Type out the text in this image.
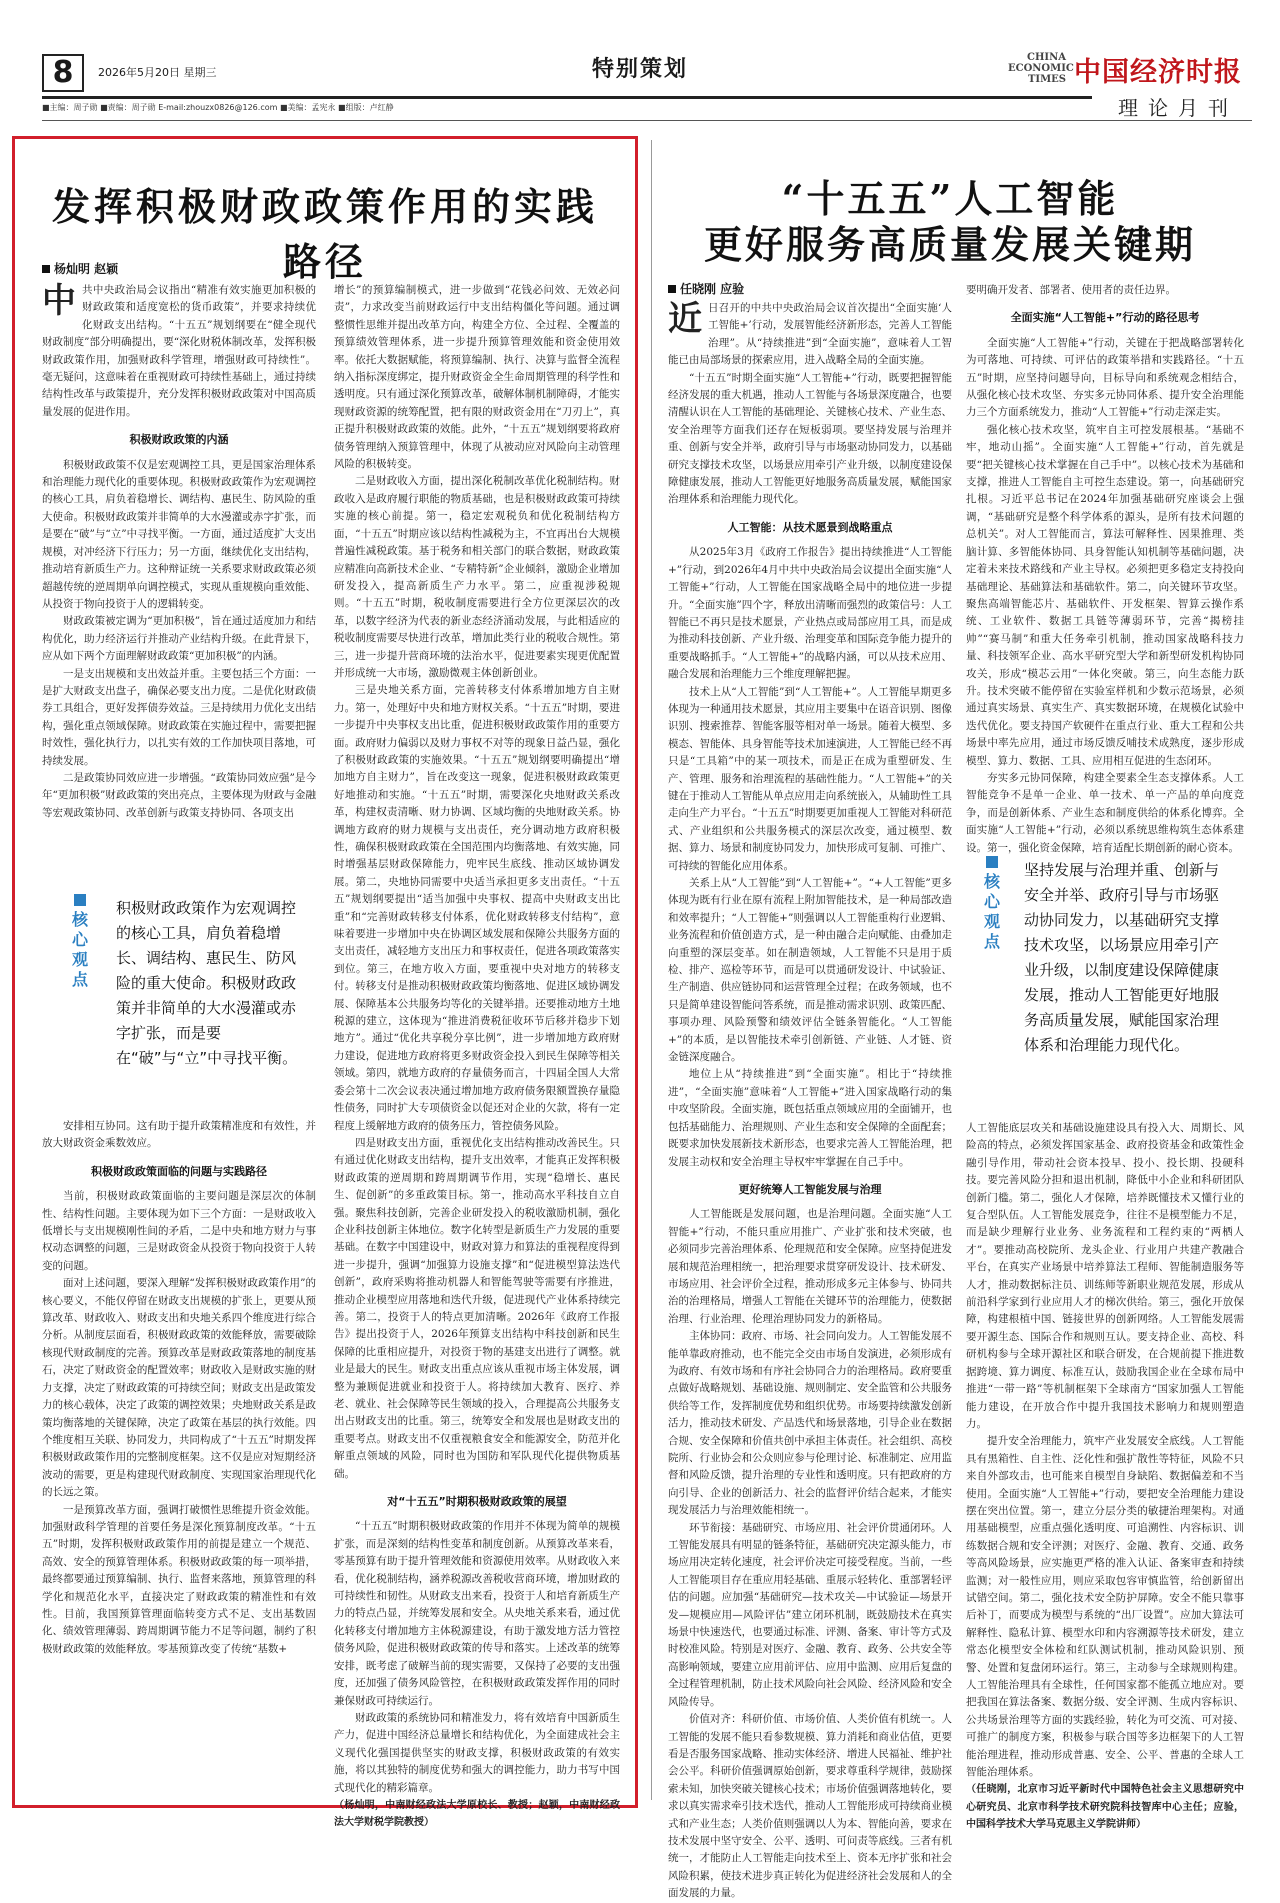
8	2026年5月20日 星期三	特别策划	CHINA ECONOMIC TIMES 中国经济时报
■主编：周子勋 ■责编：周子勋 E-mail:zhouzx0826@126.com ■美编：孟宪永 ■组版：卢红静	理论月刊
发挥积极财政政策作用的实践路径
杨灿明 赵颖

中共中央政治局会议指出“精准有效实施更加积极的财政政策和适度宽松的货币政策”，并要求持续优化财政支出结构。“十五五”规划纲要在“健全现代财政制度”部分明确提出，要“深化财税体制改革，发挥积极财政政策作用，加强财政科学管理，增强财政可持续性”。毫无疑问，这意味着在重视财政可持续性基础上，通过持续结构性改革与政策提升，充分发挥积极财政政策对中国高质量发展的促进作用。

积极财政政策的内涵

积极财政政策不仅是宏观调控工具，更是国家治理体系和治理能力现代化的重要体现。积极财政政策作为宏观调控的核心工具，肩负着稳增长、调结构、惠民生、防风险的重大使命。积极财政政策并非简单的大水漫灌或赤字扩张，而是要在“破”与“立”中寻找平衡。一方面，通过适度扩大支出规模，对冲经济下行压力；另一方面，继续优化支出结构，推动培育新质生产力。这种辩证统一关系要求财政政策必须超越传统的逆周期单向调控模式，实现从重规模向重效能、从投资于物向投资于人的逻辑转变。

财政政策被定调为“更加积极”，旨在通过适度加力和结构优化，助力经济运行并推动产业结构升级。在此背景下，应从如下两个方面理解财政政策“更加积极”的内涵。

一是支出规模和支出效益并重。主要包括三个方面：一是扩大财政支出盘子，确保必要支出力度。二是优化财政债券工具组合，更好发挥债券效益。三是持续用力优化支出结构，强化重点领域保障。财政政策在实施过程中，需要把握时效性，强化执行力，以扎实有效的工作加快项目落地，可持续发展。

二是政策协同效应进一步增强。“政策协同效应强”是今年“更加积极”财政政策的突出亮点，主要体现为财政与金融等宏观政策协同、改革创新与政策支持协同、各项支出

核心观点
积极财政政策作为宏观调控的核心工具，肩负着稳增长、调结构、惠民生、防风险的重大使命。积极财政政策并非简单的大水漫灌或赤字扩张，而是要在“破”与“立”中寻找平衡。

安排相互协同。这有助于提升政策精准度和有效性，并放大财政资金乘数效应。

积极财政政策面临的问题与实践路径

当前，积极财政政策面临的主要问题是深层次的体制性、结构性问题。主要体现为如下三个方面：一是财政收入低增长与支出规模刚性间的矛盾，二是中央和地方财力与事权动态调整的问题，三是财政资金从投资于物向投资于人转变的问题。

面对上述问题，要深入理解“发挥积极财政政策作用”的核心要义，不能仅停留在财政支出规模的扩张上，更要从预算改革、财政收入、财政支出和央地关系四个维度进行综合分析。从制度层面看，积极财政政策的效能释放，需要破除核现代财政制度的完善。预算改革是财政政策落地的制度基石，决定了财政资金的配置效率；财政收入是财政实施的财力支撑，决定了财政政策的可持续空间；财政支出是政策发力的核心载体，决定了政策的调控效果；央地财政关系是政策均衡落地的关键保障，决定了政策在基层的执行效能。四个维度相互关联、协同发力，共同构成了“十五五”时期发挥积极财政政策作用的完整制度框架。这不仅是应对短期经济波动的需要，更是构建现代财政制度、实现国家治理现代化的长远之策。

一是预算改革方面，强调打破惯性思维提升资金效能。加强财政科学管理的首要任务是深化预算制度改革。“十五五”时期，发挥积极财政政策作用的前提是建立一个规范、高效、安全的预算管理体系。积极财政政策的每一项举措，最终都要通过预算编制、执行、监督来落地，预算管理的科学化和规范化水平，直接决定了财政政策的精准性和有效性。目前，我国预算管理面临转变方式不足、支出基数固化、绩效管理薄弱、跨周期调节能力不足等问题，制约了积极财政政策的效能释放。零基预算改变了传统“基数+

增长”的预算编制模式，进一步做到“花钱必问效、无效必问责”，力求改变当前财政运行中支出结构僵化等问题。通过调整惯性思维并提出改革方向，构建全方位、全过程、全覆盖的预算绩效管理体系，进一步提升预算管理效能和资金使用效率。依托大数据赋能，将预算编制、执行、决算与监督全流程纳入指标深度绑定，提升财政资金全生命周期管理的科学性和透明度。只有通过深化预算改革，破解体制机制障碍，才能实现财政资源的统筹配置，把有限的财政资金用在“刀刃上”，真正提升积极财政政策的效能。此外，“十五五”规划纲要将政府债务管理纳入预算管理中，体现了从被动应对风险向主动管理风险的积极转变。

二是财政收入方面，提出深化税制改革优化税制结构。财政收入是政府履行职能的物质基础，也是积极财政政策可持续实施的核心前提。第一，稳定宏观税负和优化税制结构方面，“十五五”时期应该以结构性减税为主，不宜再出台大规模普遍性减税政策。基于税务和相关部门的联合数据，财政政策应精准向高新技术企业、“专精特新”企业倾斜，激励企业增加研发投入，提高新质生产力水平。第二，应重视涉税规则。“十五五”时期，税收制度需要进行全方位更深层次的改革，以数字经济为代表的新业态经济涌动发展，与此相适应的税收制度需要尽快进行改革，增加此类行业的税收合规性。第三，进一步提升营商环境的法治水平，促进要素实现更优配置并形成统一大市场，激励微观主体创新创业。

三是央地关系方面，完善转移支付体系增加地方自主财力。第一，处理好中央和地方财权关系。“十五五”时期，要进一步提升中央事权支出比重，促进积极财政政策作用的重要方面。政府财力偏弱以及财力事权不对等的现象日益凸显，强化了积极财政政策的实施效果。“十五五”规划纲要明确提出“增加地方自主财力”，旨在改变这一现象，促进积极财政政策更好地推动和实施。“十五五”时期，需要深化央地财政关系改革，构建权责清晰、财力协调、区域均衡的央地财政关系。协调地方政府的财力规模与支出责任，充分调动地方政府积极性，确保积极财政政策在全国范围内均衡落地、有效实施，同时增强基层财政保障能力，兜牢民生底线、推动区域协调发展。第二，央地协同需要中央适当承担更多支出责任。“十五五”规划纲要提出“适当加强中央事权、提高中央财政支出比重”和“完善财政转移支付体系，优化财政转移支付结构”，意味着要进一步增加中央在协调区域发展和保障公共服务方面的支出责任，减轻地方支出压力和事权责任，促进各项政策落实到位。第三，在地方收入方面，要重视中央对地方的转移支付。转移支付是推动积极财政政策均衡落地、促进区域协调发展、保障基本公共服务均等化的关键举措。还要推动地方土地税源的建立，这体现为“推进消费税征收环节后移并稳步下划地方”。通过“优化共享税分享比例”，进一步增加地方政府财力建设，促进地方政府将更多财政资金投入到民生保障等相关领域。第四，就地方政府的存量债务而言，十四届全国人大常委会第十二次会议表决通过增加地方政府债务限额置换存量隐性债务，同时扩大专项债资金以促还对企业的欠款，将有一定程度上缓解地方政府的债务压力，管控债务风险。

四是财政支出方面，重视优化支出结构推动改善民生。只有通过优化财政支出结构，提升支出效率，才能真正发挥积极财政政策的逆周期和跨周期调节作用，实现“稳增长、惠民生、促创新”的多重政策目标。第一，推动高水平科技自立自强。聚焦科技创新，完善企业研发投入的税收激励机制，强化企业科技创新主体地位。数字化转型是新质生产力发展的重要基础。在数字中国建设中，财政对算力和算法的重视程度得到进一步提升，强调“加强算力设施支撑”和“促进模型算法迭代创新”，政府采购将推动机器人和智能驾驶等需要有序推进，推动企业模型应用落地和迭代升级，促进现代产业体系持续完善。第二，投资于人的特点更加清晰。2026年《政府工作报告》提出投资于人，2026年预算支出结构中科技创新和民生保障的比重相应提升，对投资于物的基建支出进行了调整。就业是最大的民生。财政支出重点应该从重视市场主体发展，调整为兼顾促进就业和投资于人。将持续加大教育、医疗、养老、就业、社会保障等民生领域的投入，合理提高公共服务支出占财政支出的比重。第三，统筹安全和发展也是财政支出的重要考点。财政支出不仅重视粮食安全和能源安全，防范并化解重点领域的风险，同时也为国防和军队现代化提供物质基础。

对“十五五”时期积极财政政策的展望

“十五五”时期积极财政政策的作用并不体现为简单的规模扩张，而是深刻的结构性变革和制度创新。从预算改革来看，零基预算有助于提升管理效能和资源使用效率。从财政收入来看，优化税制结构，涵养税源改善税收营商环境，增加财政的可持续性和韧性。从财政支出来看，投资于人和培育新质生产力的特点凸显，并统筹发展和安全。从央地关系来看，通过优化转移支付增加地方主体税源建设，有助于激发地方活力管控债务风险，促进积极财政政策的传导和落实。上述改革的统筹安排，既考虑了破解当前的现实需要，又保持了必要的支出强度，还加强了债务风险管控，在积极财政政策发挥作用的同时兼保财政可持续运行。

财政政策的系统协同和精准发力，将有效培育中国新质生产力，促进中国经济总量增长和结构优化，为全面建成社会主义现代化强国提供坚实的财政支撑，积极财政政策的有效实施，将以其独特的制度优势和强大的调控能力，助力书写中国式现代化的精彩篇章。

（杨灿明，中南财经政法大学原校长、教授；赵颖，中南财经政法大学财税学院教授）

“十五五”人工智能
更好服务高质量发展关键期
任晓刚 应验

近日召开的中共中央政治局会议首次提出“全面实施‘人工智能+’行动，发展智能经济新形态，完善人工智能治理”。从“持续推进”到“全面实施”，意味着人工智能已由局部场景的探索应用，进入战略全局的全面实施。

“十五五”时期全面实施“人工智能+”行动，既要把握智能经济发展的重大机遇，推动人工智能与各场景深度融合，也要清醒认识在人工智能的基础理论、关键核心技术、产业生态、安全治理等方面我们还存在短板弱项。要坚持发展与治理并重、创新与安全并举，政府引导与市场驱动协同发力，以基础研究支撑技术攻坚，以场景应用牵引产业升级，以制度建设保障健康发展，推动人工智能更好地服务高质量发展，赋能国家治理体系和治理能力现代化。

人工智能：从技术愿景到战略重点

从2025年3月《政府工作报告》提出持续推进“人工智能+”行动，到2026年4月中共中央政治局会议提出全面实施“人工智能+”行动，人工智能在国家战略全局中的地位进一步提升。“全面实施”四个字，释放出清晰而强烈的政策信号：人工智能已不再只是技术愿景，产业热点或局部应用工具，而是成为推动科技创新、产业升级、治理变革和国际竞争能力提升的重要战略抓手。“人工智能+”的战略内涵，可以从技术应用、融合发展和治理能力三个维度理解把握。

技术上从“人工智能”到“人工智能+”。人工智能早期更多体现为一种通用技术愿景，其应用主要集中在语音识别、图像识别、搜索推荐、智能客服等相对单一场景。随着大模型、多模态、智能体、具身智能等技术加速演进，人工智能已经不再只是“工具箱”中的某一项技术，而是正在成为重塑研发、生产、管理、服务和治理流程的基础性能力。“人工智能+”的关键在于推动人工智能从单点应用走向系统嵌入，从辅助性工具走向生产力平台。“十五五”时期要更加重视人工智能对科研范式、产业组织和公共服务模式的深层次改变，通过模型、数据、算力、场景和制度协同发力，加快形成可复制、可推广、可持续的智能化应用体系。

关系上从“人工智能”到“人工智能+”。“+人工智能”更多体现为既有行业在原有流程上附加智能技术，是一种局部改造和效率提升；“人工智能+”则强调以人工智能重构行业逻辑、业务流程和价值创造方式，是一种由融合走向赋能、由叠加走向重塑的深层变革。如在制造领域，人工智能不只是用于质检、排产、巡检等环节，而是可以贯通研发设计、中试验证、生产制造、供应链协同和运营管理全过程；在政务领域，也不只是简单建设智能问答系统，而是推动需求识别、政策匹配、事项办理、风险预警和绩效评估全链条智能化。“人工智能+”的本质，是以智能技术牵引创新链、产业链、人才链、资金链深度融合。

地位上从“持续推进”到“全面实施”。相比于“持续推进”，“全面实施”意味着“人工智能+”进入国家战略行动的集中攻坚阶段。全面实施，既包括重点领域应用的全面铺开，也包括基础能力、治理规则、产业生态和安全保障的全面配套；既要求加快发展新技术新形态，也要求完善人工智能治理，把发展主动权和安全治理主导权牢牢掌握在自己手中。

更好统筹人工智能发展与治理

人工智能既是发展问题，也是治理问题。全面实施“人工智能+”行动，不能只重应用推广、产业扩张和技术突破，也必须同步完善治理体系、伦理规范和安全保障。应坚持促进发展和规范治理相统一，把治理要求贯穿研发设计、技术研发、市场应用、社会评价全过程，推动形成多元主体参与、协同共治的治理格局，增强人工智能在关键环节的治理能力，使数据治理、行业治理、伦理治理协同发力的新格局。

主体协同：政府、市场、社会同向发力。人工智能发展不能单靠政府推动，也不能完全交由市场自发演进，必须形成有为政府、有效市场和有序社会协同合力的治理格局。政府要重点做好战略规划、基础设施、规则制定、安全监管和公共服务供给等工作，发挥制度优势和组织优势。市场要持续激发创新活力，推动技术研发、产品迭代和场景落地，引导企业在数据合规、安全保障和价值共创中承担主体责任。社会组织、高校院所、行业协会和公众则应参与伦理讨论、标准制定、应用监督和风险反馈，提升治理的专业性和透明度。只有把政府的方向引导、企业的创新活力、社会的监督评价结合起来，才能实现发展活力与治理效能相统一。

环节衔接：基础研究、市场应用、社会评价贯通闭环。人工智能发展具有明显的链条特征，基础研究决定源头能力，市场应用决定转化速度，社会评价决定可接受程度。当前，一些人工智能项目存在重应用轻基础、重展示轻转化、重部署轻评估的问题。应加强“基础研究—技术攻关—中试验证—场景开发—规模应用—风险评估”建立闭环机制，既鼓励技术在真实场景中快速迭代，也要通过标准、评测、备案、审计等方式及时校准风险。特别是对医疗、金融、教育、政务、公共安全等高影响领域，要建立应用前评估、应用中监测、应用后复盘的全过程管理机制，防止技术风险向社会风险、经济风险和安全风险传导。

价值对齐：科研价值、市场价值、人类价值有机统一。人工智能的发展不能只看参数规模、算力消耗和商业估值，更要看是否服务国家战略、推动实体经济、增进人民福祉、维护社会公平。科研价值强调原始创新，要求尊重科学规律，鼓励探索未知，加快突破关键核心技术；市场价值强调落地转化，要求以真实需求牵引技术迭代，推动人工智能形成可持续商业模式和产业生态；人类价值则强调以人为本、智能向善，要求在技术发展中坚守安全、公平、透明、可问责等底线。三者有机统一，才能防止人工智能走向技术至上、资本无序扩张和社会风险积累，使技术进步真正转化为促进经济社会发展和人的全面发展的力量。

要明确开发者、部署者、使用者的责任边界。

全面实施“人工智能+”行动的路径思考

全面实施“人工智能+”行动，关键在于把战略部署转化为可落地、可持续、可评估的政策举措和实践路径。“十五五”时期，应坚持问题导向，目标导向和系统观念相结合，从强化核心技术攻坚、夯实多元协同体系、提升安全治理能力三个方面系统发力，推动“人工智能+”行动走深走实。

强化核心技术攻坚，筑牢自主可控发展根基。“基础不牢，地动山摇”。全面实施“人工智能+”行动，首先就是要“把关键核心技术掌握在自己手中”。以核心技术为基础和支撑，推进人工智能自主可控生态建设。第一，向基础研究扎根。习近平总书记在2024年加强基础研究座谈会上强调，“基础研究是整个科学体系的源头，是所有技术问题的总机关”。对人工智能而言，算法可解释性、因果推理、类脑计算、多智能体协同、具身智能认知机制等基础问题，决定着未来技术路线和产业主导权。必须把更多稳定支持投向基础理论、基础算法和基础软件。第二，向关键环节攻坚。聚焦高端智能芯片、基础软件、开发框架、智算云操作系统、工业软件、数据工具链等薄弱环节，完善“揭榜挂帅”“赛马制”和重大任务牵引机制，推动国家战略科技力量、科技领军企业、高水平研究型大学和新型研发机构协同攻关，形成“模芯云用”一体化突破。第三，向生态能力跃升。技术突破不能停留在实验室样机和少数示范场景，必须通过真实场景、真实生产、真实数据环境，在规模化试验中迭代优化。要支持国产软硬件在重点行业、重大工程和公共场景中率先应用，通过市场反馈反哺技术成熟度，逐步形成模型、算力、数据、工具、应用相互促进的生态闭环。

夯实多元协同保障，构建全要素全生态支撑体系。人工智能竞争不是单一企业、单一技术、单一产品的单向度竞争，而是创新体系、产业生态和制度供给的体系化博弈。全面实施“人工智能+”行动，必须以系统思维构筑生态体系建设。第一，强化资金保障，培育适配长期创新的耐心资本。

核心观点
坚持发展与治理并重、创新与安全并举、政府引导与市场驱动协同发力，以基础研究支撑技术攻坚，以场景应用牵引产业升级，以制度建设保障健康发展，推动人工智能更好地服务高质量发展，赋能国家治理体系和治理能力现代化。

人工智能底层攻关和基础设施建设具有投入大、周期长、风险高的特点，必须发挥国家基金、政府投资基金和政策性金融引导作用，带动社会资本投早、投小、投长期、投硬科技。要完善风险分担和退出机制，降低中小企业和科研团队创新门槛。第二，强化人才保障，培养既懂技术又懂行业的复合型队伍。人工智能发展竞争，往往不是模型能力不足，而是缺少理解行业业务、业务流程和工程约束的“两栖人才”。要推动高校院所、龙头企业、行业用户共建产教融合平台，在真实产业场景中培养算法工程师、智能制造服务等人才，推动数据标注员、训练师等新职业规范发展，形成从前沿科学家到行业应用人才的梯次供给。第三，强化开放保障，构建根植中国、链接世界的创新网络。人工智能发展需要开源生态、国际合作和规则互认。要支持企业、高校、科研机构参与全球开源社区和联合研发，在合规前提下推进数据跨境、算力调度、标准互认，鼓励我国企业在全球布局中推进“一带一路”等机制框架下全球南方“国家加强人工智能能力建设，在开放合作中提升我国技术影响力和规则塑造力。

提升安全治理能力，筑牢产业发展安全底线。人工智能具有黑箱性、自主性、泛化性和强扩散性等特征，风险不只来自外部攻击，也可能来自模型自身缺陷、数据偏差和不当使用。全面实施“人工智能+”行动，要把安全治理能力建设摆在突出位置。第一，建立分层分类的敏捷治理架构。对通用基础模型，应重点强化透明度、可追溯性、内容标识、训练数据合规和安全评测；对医疗、金融、教育、交通、政务等高风险场景，应实施更严格的准入认证、备案审查和持续监测；对一般性应用，则应采取包容审慎监管，给创新留出试错空间。第二，强化技术安全防护屏障。安全不能只靠事后补丁，而要成为模型与系统的“出厂设置”。应加大算法可解释性、隐私计算、模型水印和内容溯源等技术研发，建立常态化模型安全体检和红队测试机制，推动风险识别、预警、处置和复盘闭环运行。第三，主动参与全球规则构建。人工智能治理具有全球性，任何国家都不能孤立地应对。要把我国在算法备案、数据分级、安全评测、生成内容标识、公共场景治理等方面的实践经验，转化为可交流、可对接、可推广的制度方案，积极参与联合国等多边框架下的人工智能治理进程，推动形成普惠、安全、公平、普惠的全球人工智能治理体系。

（任晓刚，北京市习近平新时代中国特色社会主义思想研究中心研究员、北京市科学技术研究院科技智库中心主任；应验，中国科学技术大学马克思主义学院讲师）
